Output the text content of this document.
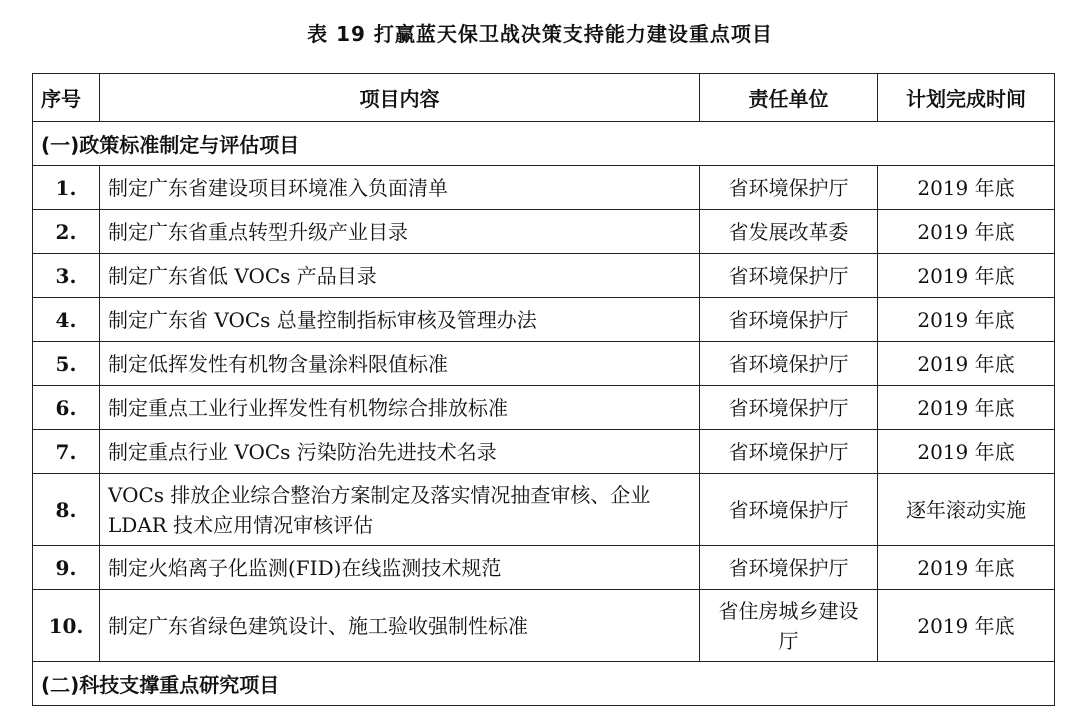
表 19 打赢蓝天保卫战决策支持能力建设重点项目
序号	项目内容	责任单位	计划完成时间
(一)政策标准制定与评估项目			
1.	制定广东省建设项目环境准入负面清单	省环境保护厅	2019 年底
2.	制定广东省重点转型升级产业目录	省发展改革委	2019 年底
3.	制定广东省低 VOCs 产品目录	省环境保护厅	2019 年底
4.	制定广东省 VOCs 总量控制指标审核及管理办法	省环境保护厅	2019 年底
5.	制定低挥发性有机物含量涂料限值标准	省环境保护厅	2019 年底
6.	制定重点工业行业挥发性有机物综合排放标准	省环境保护厅	2019 年底
7.	制定重点行业 VOCs 污染防治先进技术名录	省环境保护厅	2019 年底
8.	VOCs 排放企业综合整治方案制定及落实情况抽查审核、企业
LDAR 技术应用情况审核评估	省环境保护厅	逐年滚动实施
9.	制定火焰离子化监测(FID)在线监测技术规范	省环境保护厅	2019 年底
10.	制定广东省绿色建筑设计、施工验收强制性标准	省住房城乡建设
厅	2019 年底
(二)科技支撑重点研究项目			
